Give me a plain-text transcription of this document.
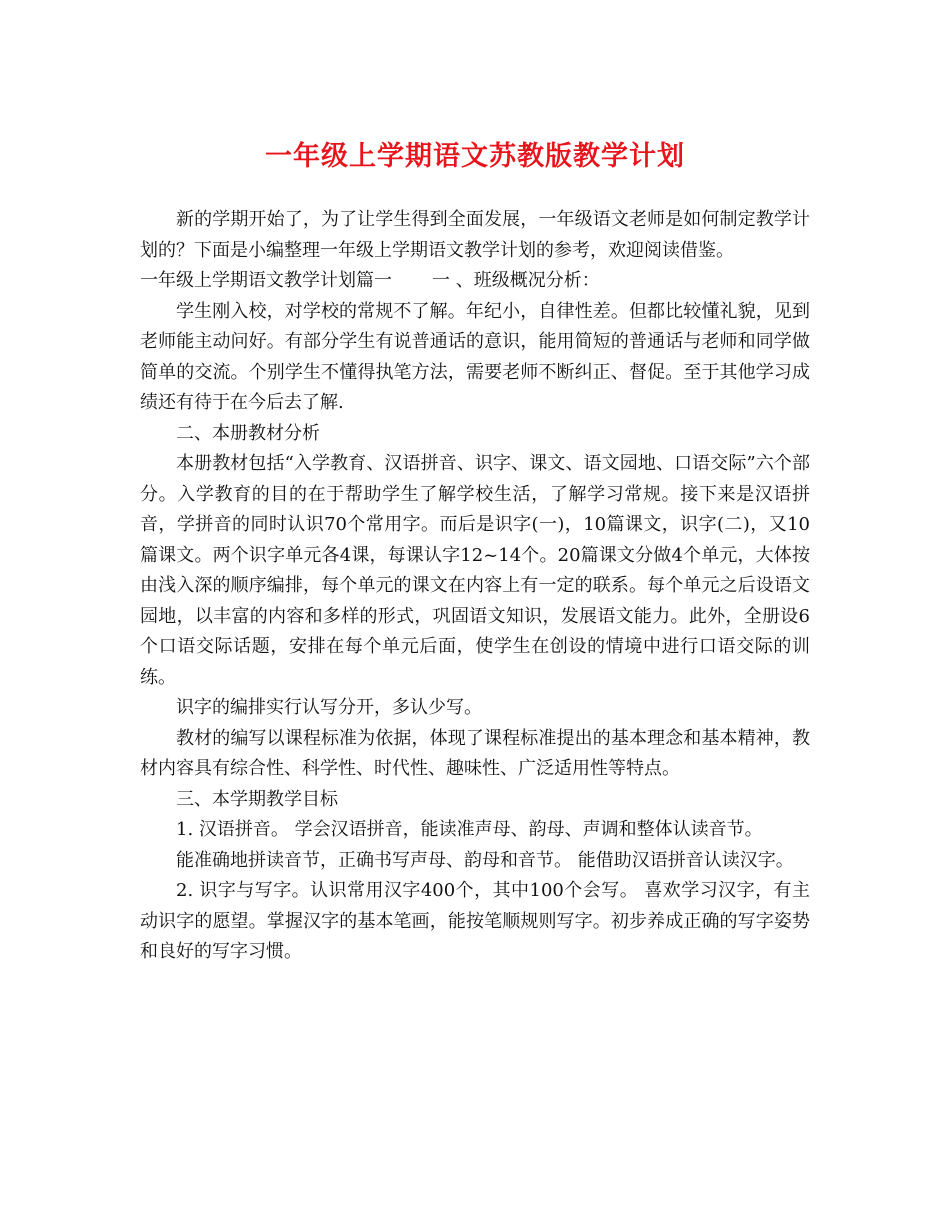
一年级上学期语文苏教版教学计划

新的学期开始了，为了让学生得到全面发展，一年级语文老师是如何制定教学计划的？下面是小编整理一年级上学期语文教学计划的参考，欢迎阅读借鉴。

一年级上学期语文教学计划篇一 一 、班级概况分析：

学生刚入校，对学校的常规不了解。年纪小，自律性差。但都比较懂礼貌，见到老师能主动问好。有部分学生有说普通话的意识，能用简短的普通话与老师和同学做简单的交流。个别学生不懂得执笔方法，需要老师不断纠正、督促。至于其他学习成绩还有待于在今后去了解.

二、本册教材分析

本册教材包括“入学教育、汉语拼音、识字、课文、语文园地、口语交际”六个部分。入学教育的目的在于帮助学生了解学校生活，了解学习常规。接下来是汉语拼音，学拼音的同时认识70个常用字。而后是识字(一)，10篇课文，识字(二)，又10篇课文。两个识字单元各4课，每课认字12~14个。20篇课文分做4个单元，大体按由浅入深的顺序编排，每个单元的课文在内容上有一定的联系。每个单元之后设语文园地，以丰富的内容和多样的形式，巩固语文知识，发展语文能力。此外，全册设6个口语交际话题，安排在每个单元后面，使学生在创设的情境中进行口语交际的训练。

识字的编排实行认写分开，多认少写。

教材的编写以课程标准为依据，体现了课程标准提出的基本理念和基本精神，教材内容具有综合性、科学性、时代性、趣味性、广泛适用性等特点。

三、本学期教学目标

1. 汉语拼音。 学会汉语拼音，能读准声母、韵母、声调和整体认读音节。

能准确地拼读音节，正确书写声母、韵母和音节。 能借助汉语拼音认读汉字。

2. 识字与写字。认识常用汉字400个，其中100个会写。 喜欢学习汉字，有主动识字的愿望。掌握汉字的基本笔画，能按笔顺规则写字。初步养成正确的写字姿势和良好的写字习惯。
